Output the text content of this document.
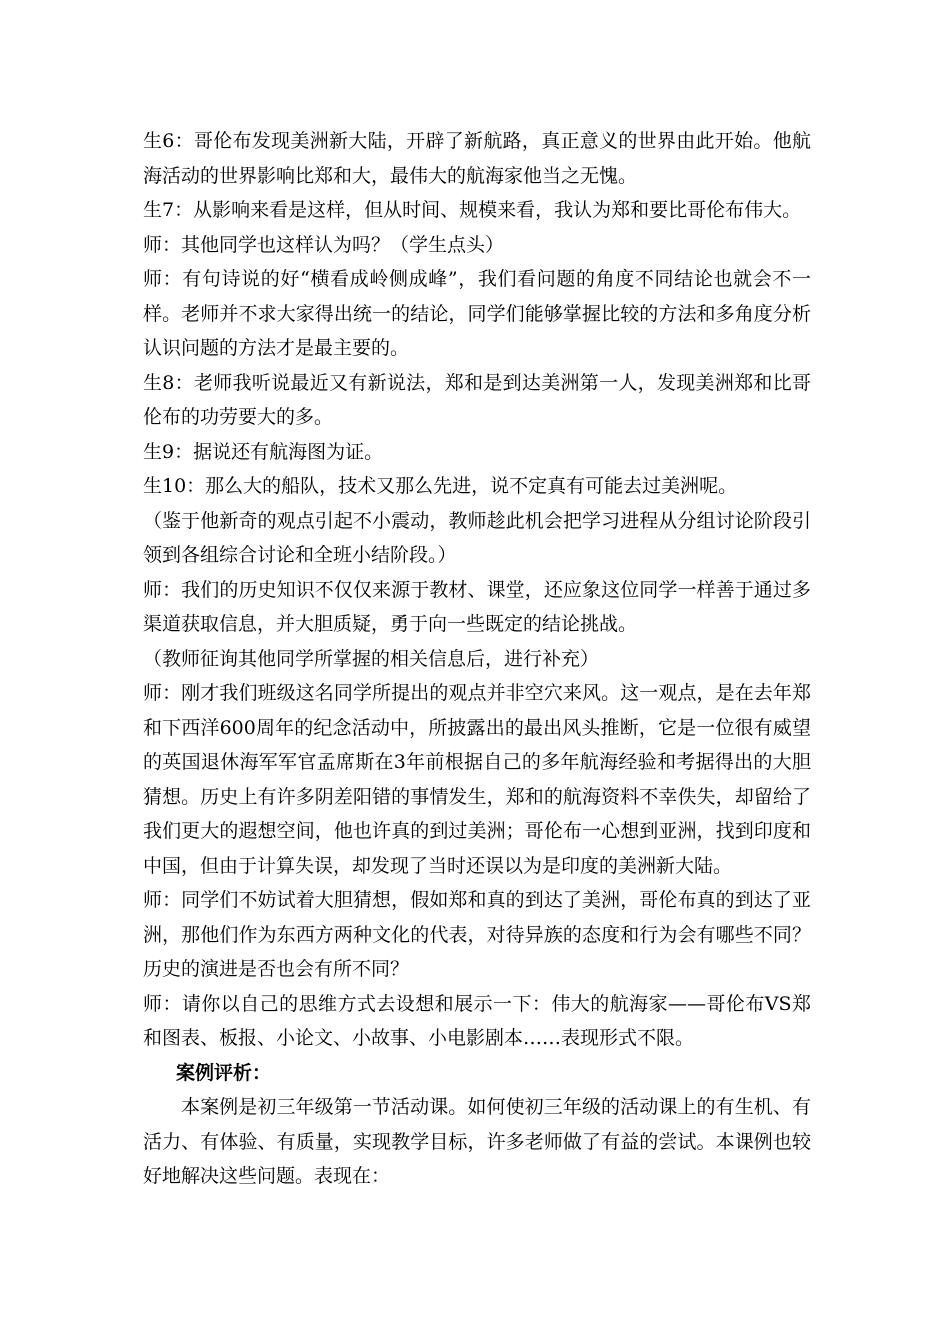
生6：哥伦布发现美洲新大陆，开辟了新航路，真正意义的世界由此开始。他航海活动的世界影响比郑和大，最伟大的航海家他当之无愧。

生7：从影响来看是这样，但从时间、规模来看，我认为郑和要比哥伦布伟大。

师：其他同学也这样认为吗？（学生点头）

师：有句诗说的好“横看成岭侧成峰”，我们看问题的角度不同结论也就会不一样。老师并不求大家得出统一的结论，同学们能够掌握比较的方法和多角度分析认识问题的方法才是最主要的。

生8：老师我听说最近又有新说法，郑和是到达美洲第一人，发现美洲郑和比哥伦布的功劳要大的多。

生9：据说还有航海图为证。

生10：那么大的船队，技术又那么先进，说不定真有可能去过美洲呢。

（鉴于他新奇的观点引起不小震动，教师趁此机会把学习进程从分组讨论阶段引领到各组综合讨论和全班小结阶段。）

师：我们的历史知识不仅仅来源于教材、课堂，还应象这位同学一样善于通过多渠道获取信息，并大胆质疑，勇于向一些既定的结论挑战。

（教师征询其他同学所掌握的相关信息后，进行补充）

师：刚才我们班级这名同学所提出的观点并非空穴来风。这一观点，是在去年郑和下西洋600周年的纪念活动中，所披露出的最出风头推断，它是一位很有威望的英国退休海军军官孟席斯在3年前根据自己的多年航海经验和考据得出的大胆猜想。历史上有许多阴差阳错的事情发生，郑和的航海资料不幸佚失，却留给了我们更大的遐想空间，他也许真的到过美洲；哥伦布一心想到亚洲，找到印度和中国，但由于计算失误，却发现了当时还误以为是印度的美洲新大陆。

师：同学们不妨试着大胆猜想，假如郑和真的到达了美洲，哥伦布真的到达了亚洲，那他们作为东西方两种文化的代表，对待异族的态度和行为会有哪些不同？历史的演进是否也会有所不同？

师：请你以自己的思维方式去设想和展示一下：伟大的航海家——哥伦布VS郑和图表、板报、小论文、小故事、小电影剧本……表现形式不限。

案例评析：

本案例是初三年级第一节活动课。如何使初三年级的活动课上的有生机、有活力、有体验、有质量，实现教学目标，许多老师做了有益的尝试。本课例也较好地解决这些问题。表现在：
